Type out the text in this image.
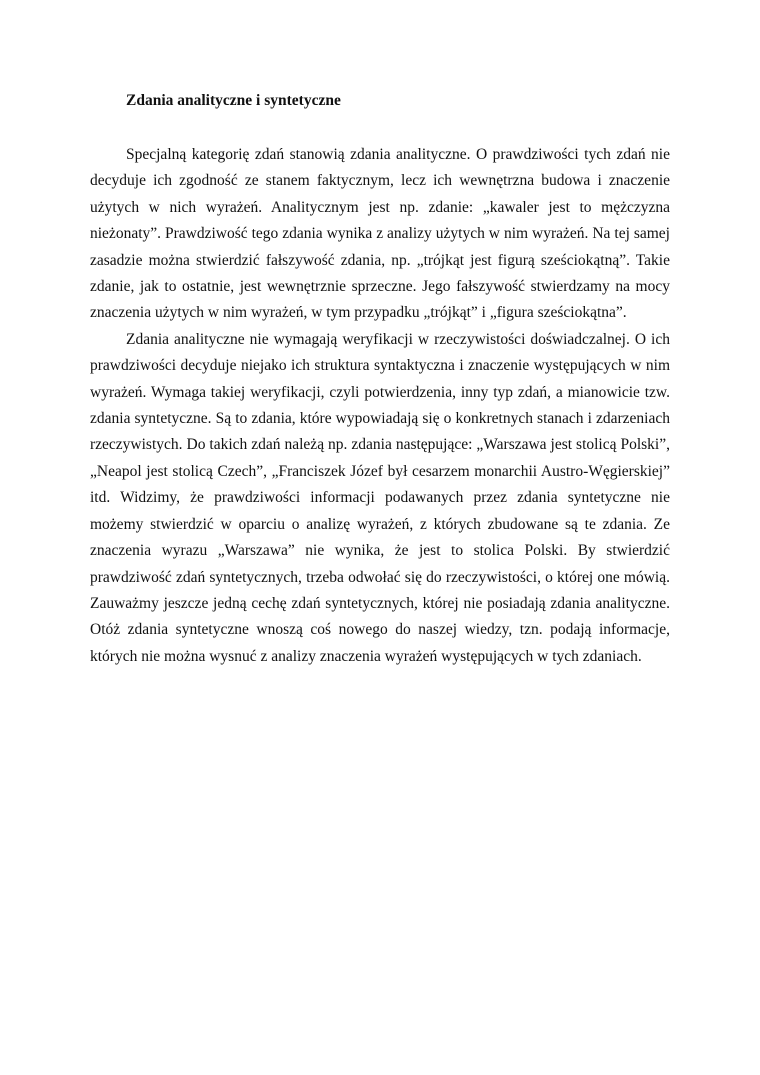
Zdania analityczne i syntetyczne

Specjalną kategorię zdań stanowią zdania analityczne. O prawdziwości tych zdań nie decyduje ich zgodność ze stanem faktycznym, lecz ich wewnętrzna budowa i znaczenie użytych w nich wyrażeń. Analitycznym jest np. zdanie: „kawaler jest to mężczyzna nieżonaty”. Prawdziwość tego zdania wynika z analizy użytych w nim wyrażeń. Na tej samej zasadzie można stwierdzić fałszywość zdania, np. „trójkąt jest figurą sześciokątną”. Takie zdanie, jak to ostatnie, jest wewnętrznie sprzeczne. Jego fałszywość stwierdzamy na mocy znaczenia użytych w nim wyrażeń, w tym przypadku „trójkąt” i „figura sześciokątna”.

Zdania analityczne nie wymagają weryfikacji w rzeczywistości doświadczalnej. O ich prawdziwości decyduje niejako ich struktura syntaktyczna i znaczenie występujących w nim wyrażeń. Wymaga takiej weryfikacji, czyli potwierdzenia, inny typ zdań, a mianowicie tzw. zdania syntetyczne. Są to zdania, które wypowiadają się o konkretnych stanach i zdarzeniach rzeczywistych. Do takich zdań należą np. zdania następujące: „Warszawa jest stolicą Polski”, „Neapol jest stolicą Czech”, „Franciszek Józef był cesarzem monarchii Austro-Węgierskiej” itd. Widzimy, że prawdziwości informacji podawanych przez zdania syntetyczne nie możemy stwierdzić w oparciu o analizę wyrażeń, z których zbudowane są te zdania. Ze znaczenia wyrazu „Warszawa” nie wynika, że jest to stolica Polski. By stwierdzić prawdziwość zdań syntetycznych, trzeba odwołać się do rzeczywistości, o której one mówią. Zauważmy jeszcze jedną cechę zdań syntetycznych, której nie posiadają zdania analityczne. Otóż zdania syntetyczne wnoszą coś nowego do naszej wiedzy, tzn. podają informacje, których nie można wysnuć z analizy znaczenia wyrażeń występujących w tych zdaniach.
